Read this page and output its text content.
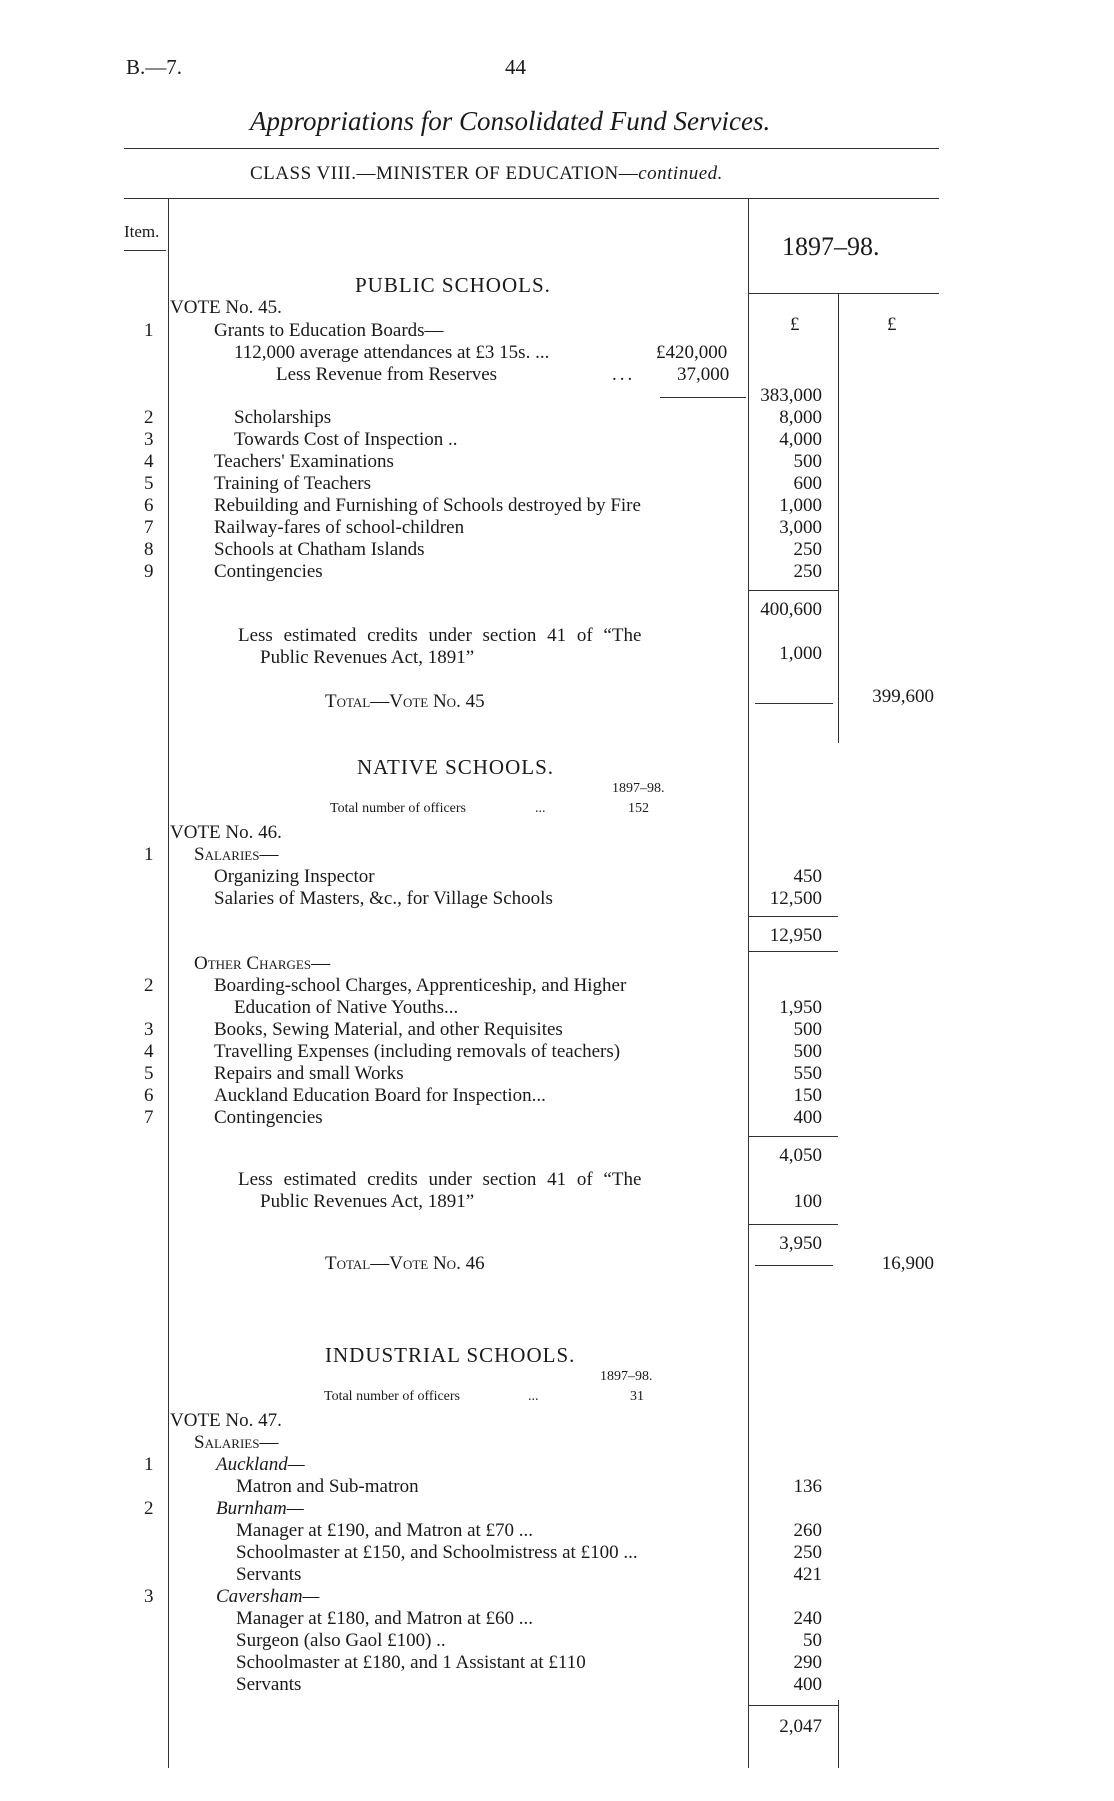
B.—7.	44
Appropriations for Consolidated Fund Services.
CLASS VIII.—MINISTER OF EDUCATION—continued.
Item.
1897–98.
£	£
PUBLIC SCHOOLS.
VOTE No. 45.
1	Grants to Education Boards—
112,000 average attendances at £3 15s. ...	£420,000
Less Revenue from Reserves	... 37,000
383,000
2	Scholarships	8,000
3	Towards Cost of Inspection ..	4,000
4	Teachers' Examinations	500
5	Training of Teachers	600
6	Rebuilding and Furnishing of Schools destroyed by Fire	1,000
7	Railway-fares of school-children	3,000
8	Schools at Chatham Islands	250
9	Contingencies	250
400,600
Less estimated credits under section 41 of “The
Public Revenues Act, 1891”	1,000
Total—Vote No. 45	399,600
NATIVE SCHOOLS.
1897–98.
Total number of officers	...	152
VOTE No. 46.
1 Salaries—
Organizing Inspector	450
Salaries of Masters, &c., for Village Schools	12,500
12,950
Other Charges—
2	Boarding-school Charges, Apprenticeship, and Higher
Education of Native Youths...	1,950
3	Books, Sewing Material, and other Requisites	500
4	Travelling Expenses (including removals of teachers)	500
5	Repairs and small Works	550
6	Auckland Education Board for Inspection...	150
7	Contingencies	400
4,050
Less estimated credits under section 41 of “The
Public Revenues Act, 1891”	100
3,950
Total—Vote No. 46	16,900
INDUSTRIAL SCHOOLS.
1897–98.
Total number of officers	...	31
VOTE No. 47.
Salaries—
1	Auckland—
Matron and Sub-matron	136
2	Burnham—
Manager at £190, and Matron at £70 ...	260
Schoolmaster at £150, and Schoolmistress at £100 ...	250
Servants	421
3	Caversham—
Manager at £180, and Matron at £60 ...	240
Surgeon (also Gaol £100) ..	50
Schoolmaster at £180, and 1 Assistant at £110	290
Servants	400
2,047
